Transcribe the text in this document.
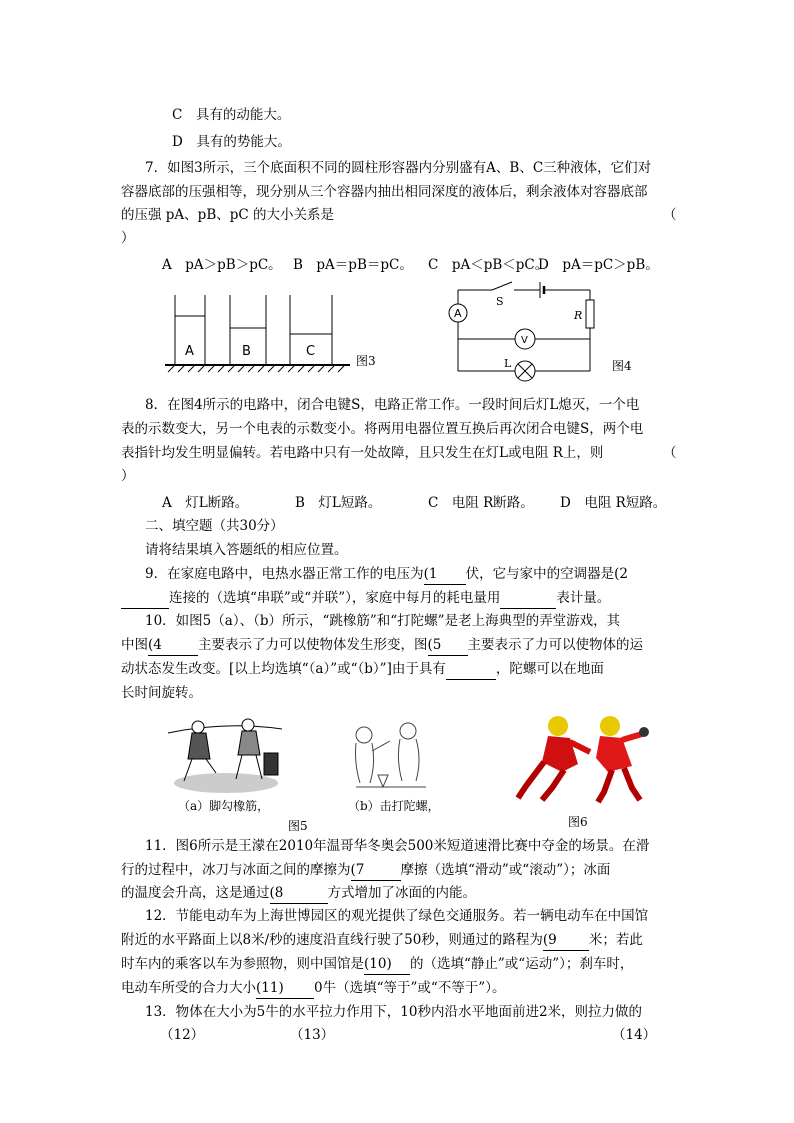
C　具有的动能大。
D　具有的势能大。
7．如图3所示，三个底面积不同的圆柱形容器内分别盛有A、B、C三种液体，它们对
容器底部的压强相等，现分别从三个容器内抽出相同深度的液体后，剩余液体对容器底部
的压强 pA、pB、pC 的大小关系是	（
）
A　pA＞pB＞pC。 B　pA＝pB＝pC。 C　pA＜pB＜pC。
D　pA＝pC＞pB。
A	B	C
图3
A
V
S
R
L	图4
8．在图4所示的电路中，闭合电键S，电路正常工作。一段时间后灯L熄灭，一个电
表的示数变大，另一个电表的示数变小。将两用电器位置互换后再次闭合电键S，两个电
表指针均发生明显偏转。若电路中只有一处故障，且只发生在灯L或电阻 R上，则	（
）
A　灯L断路。	B　灯L短路。	C　电阻 R断路。 D　电阻 R短路。
二、填空题（共30分）
请将结果填入答题纸的相应位置。
9．在家庭电路中，电热水器正常工作的电压为(1 伏，它与家中的空调器是(2
连接的（选填“串联”或“并联”），家庭中每月的耗电量用	表计量。
10．如图5（a）、（b）所示，“跳橡筋”和“打陀螺”是老上海典型的弄堂游戏，其
中图(4	主要表示了力可以使物体发生形变，图(5 主要表示了力可以使物体的运
动状态发生改变。[以上均选填“（a）”或“（b）”]由于具有	，陀螺可以在地面
长时间旋转。
（a）脚勾橡筋，	（b）击打陀螺，
图5	图6
11．图6所示是王濛在2010年温哥华冬奥会500米短道速滑比赛中夺金的场景。在滑
行的过程中，冰刀与冰面之间的摩擦为(7	摩擦（选填“滑动”或“滚动”）；冰面
的温度会升高，这是通过(8	方式增加了冰面的内能。
12．节能电动车为上海世博园区的观光提供了绿色交通服务。若一辆电动车在中国馆
附近的水平路面上以8米/秒的速度沿直线行驶了50秒，则通过的路程为(9 米；若此
时车内的乘客以车为参照物，则中国馆是(10) 的（选填“静止”或“运动”）；刹车时，
电动车所受的合力大小(11) 0牛（选填“等于”或“不等于”）。
13．物体在大小为5牛的水平拉力作用下，10秒内沿水平地面前进2米，则拉力做的
（12）	（13）	（14）
